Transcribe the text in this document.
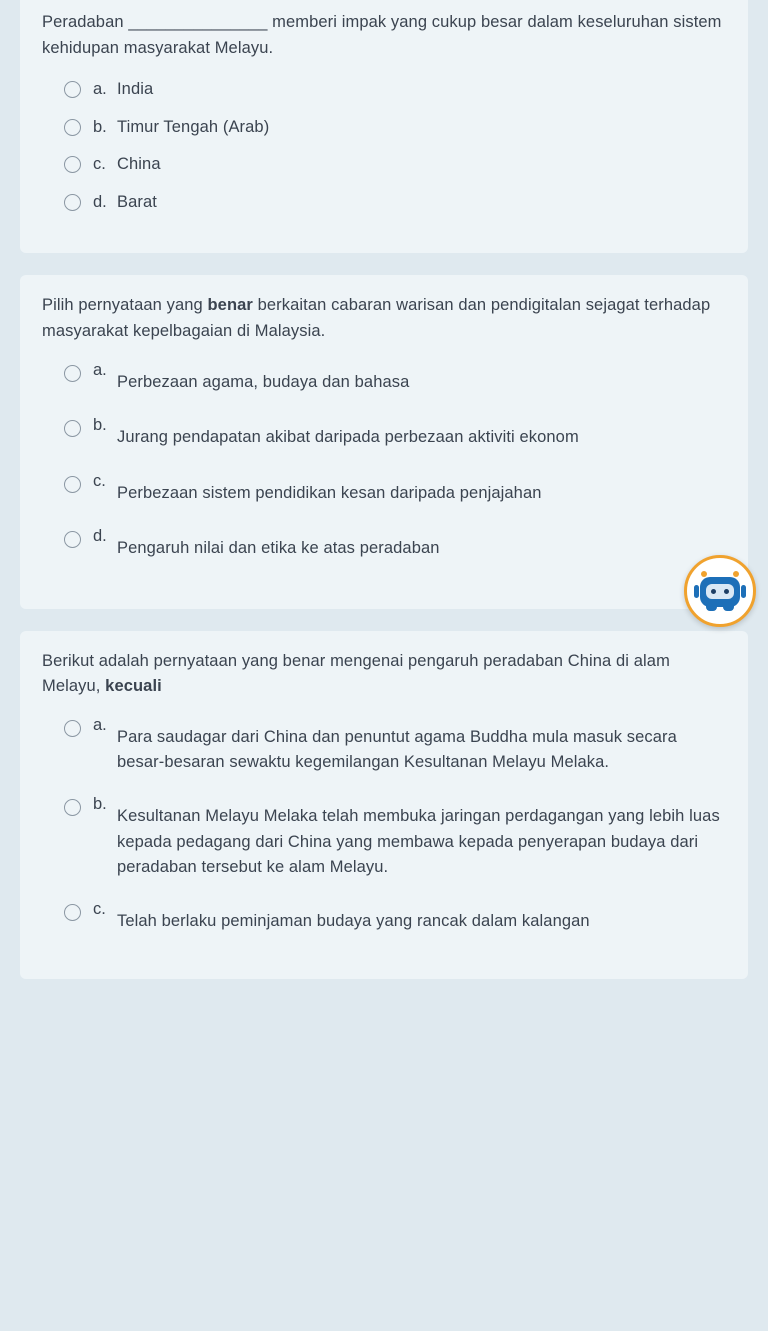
Peradaban _______________ memberi impak yang cukup besar dalam keseluruhan sistem kehidupan masyarakat Melayu.

a. India
b. Timur Tengah (Arab)
c. China
d. Barat

Pilih pernyataan yang benar berkaitan cabaran warisan dan pendigitalan sejagat terhadap masyarakat kepelbagaian di Malaysia.

a.
Perbezaan agama, budaya dan bahasa
b.
Jurang pendapatan akibat daripada perbezaan aktiviti ekonom
c.
Perbezaan sistem pendidikan kesan daripada penjajahan
d.
Pengaruh nilai dan etika ke atas peradaban

Berikut adalah pernyataan yang benar mengenai pengaruh peradaban China di alam Melayu, kecuali

a.
Para saudagar dari China dan penuntut agama Buddha mula masuk secara besar-besaran sewaktu kegemilangan Kesultanan Melayu Melaka.
b.
Kesultanan Melayu Melaka telah membuka jaringan perdagangan yang lebih luas kepada pedagang dari China yang membawa kepada penyerapan budaya dari peradaban tersebut ke alam Melayu.
c.
Telah berlaku peminjaman budaya yang rancak dalam kalangan
